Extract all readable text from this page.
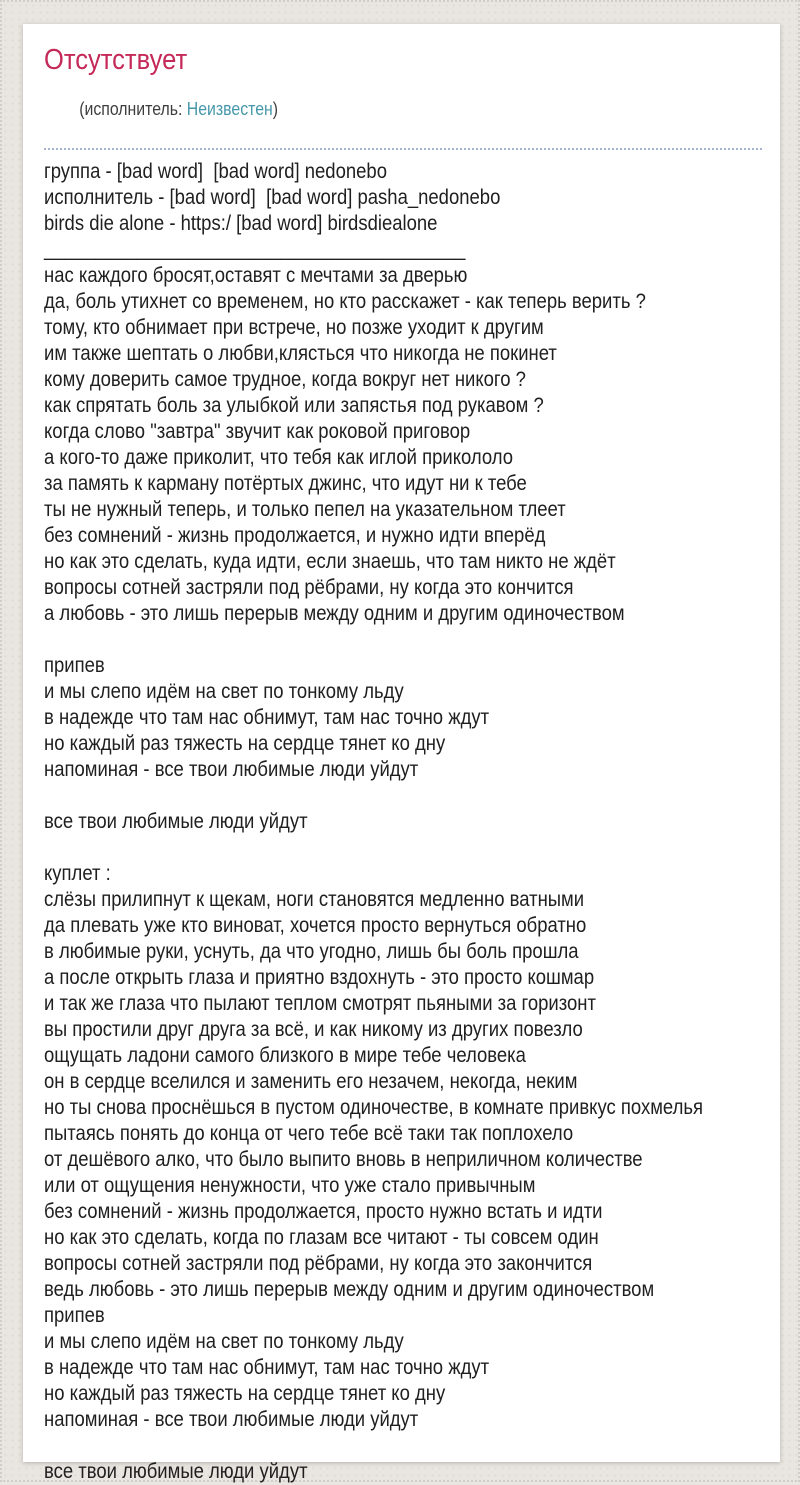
Отсутствует

(исполнитель: Неизвестен)

группа - [bad word]  [bad word] nedonebo
исполнитель - [bad word]  [bad word] pasha_nedonebo
birds die alone - https:/ [bad word] birdsdiealone
_________________________________________
нас каждого бросят,оставят с мечтами за дверью
да, боль утихнет со временем, но кто расскажет - как теперь верить ?
тому, кто обнимает при встрече, но позже уходит к другим
им также шептать о любви,клясться что никогда не покинет
кому доверить самое трудное, когда вокруг нет никого ?
как спрятать боль за улыбкой или запястья под рукавом ?
когда слово "завтра" звучит как роковой приговор
а кого-то даже приколит, что тебя как иглой прикололо
за память к карману потёртых джинс, что идут ни к тебе
ты не нужный теперь, и только пепел на указательном тлеет
без сомнений - жизнь продолжается, и нужно идти вперёд
но как это сделать, куда идти, если знаешь, что там никто не ждёт
вопросы сотней застряли под рёбрами, ну когда это кончится
а любовь - это лишь перерыв между одним и другим одиночеством

припев
и мы слепо идём на свет по тонкому льду
в надежде что там нас обнимут, там нас точно ждут
но каждый раз тяжесть на сердце тянет ко дну
напоминая - все твои любимые люди уйдут

все твои любимые люди уйдут

куплет :
слёзы прилипнут к щекам, ноги становятся медленно ватными
да плевать уже кто виноват, хочется просто вернуться обратно
в любимые руки, уснуть, да что угодно, лишь бы боль прошла
а после открыть глаза и приятно вздохнуть - это просто кошмар
и так же глаза что пылают теплом смотрят пьяными за горизонт
вы простили друг друга за всё, и как никому из других повезло
ощущать ладони самого близкого в мире тебе человека
он в сердце вселился и заменить его незачем, некогда, неким
но ты снова проснёшься в пустом одиночестве, в комнате привкус похмелья
пытаясь понять до конца от чего тебе всё таки так поплохело
от дешёвого алко, что было выпито вновь в неприличном количестве
или от ощущения ненужности, что уже стало привычным
без сомнений - жизнь продолжается, просто нужно встать и идти
но как это сделать, когда по глазам все читают - ты совсем один
вопросы сотней застряли под рёбрами, ну когда это закончится
ведь любовь - это лишь перерыв между одним и другим одиночеством
припев
и мы слепо идём на свет по тонкому льду
в надежде что там нас обнимут, там нас точно ждут
но каждый раз тяжесть на сердце тянет ко дну
напоминая - все твои любимые люди уйдут

все твои любимые люди уйдут
